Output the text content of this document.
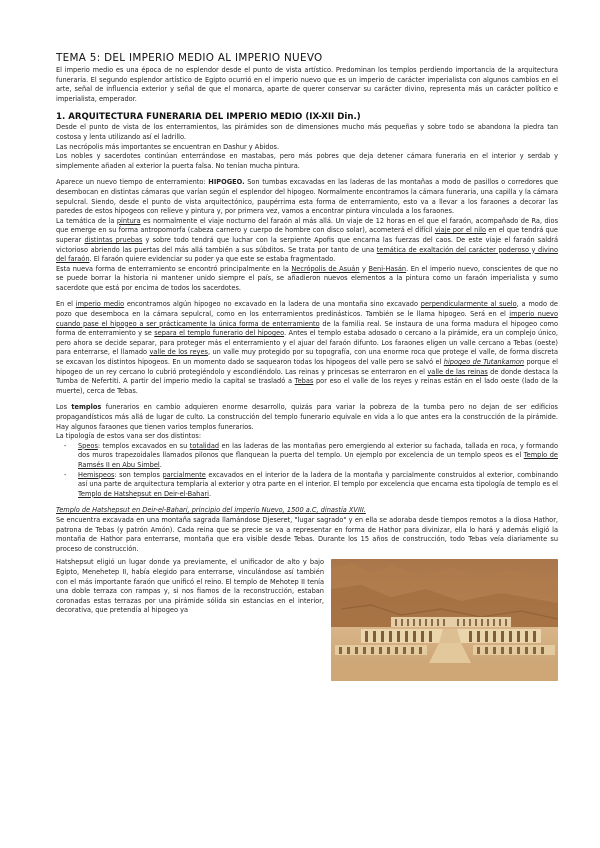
TEMA 5: DEL IMPERIO MEDIO AL IMPERIO NUEVO

El imperio medio es una época de no esplendor desde el punto de vista artístico. Predominan los templos perdiendo importancia de la arquitectura funeraria. El segundo esplendor artístico de Egipto ocurrió en el imperio nuevo que es un imperio de carácter imperialista con algunos cambios en el arte, señal de influencia exterior y señal de que el monarca, aparte de querer conservar su carácter divino, representa más un carácter político e imperialista, emperador.

1. ARQUITECTURA FUNERARIA DEL IMPERIO MEDIO (IX-XII Din.)

Desde el punto de vista de los enterramientos, las pirámides son de dimensiones mucho más pequeñas y sobre todo se abandona la piedra tan costosa y lenta utilizando así el ladrillo.

Las necrópolis más importantes se encuentran en Dashur y Abidos.

Los nobles y sacerdotes continúan enterrándose en mastabas, pero más pobres que deja detener cámara funeraria en el interior y serdab y simplemente añaden al exterior la puerta falsa. No tenían mucha pintura.

Aparece un nuevo tiempo de enterramiento: HIPOGEO. Son tumbas excavadas en las laderas de las montañas a modo de pasillos o corredores que desembocan en distintas cámaras que varían según el esplendor del hipogeo. Normalmente encontramos la cámara funeraria, una capilla y la cámara sepulcral. Siendo, desde el punto de vista arquitectónico, paupérrima esta forma de enterramiento, esto va a llevar a los faraones a decorar las paredes de estos hipogeos con relieve y pintura y, por primera vez, vamos a encontrar pintura vinculada a los faraones.

La temática de la pintura es normalmente el viaje nocturno del faraón al más allá. Un viaje de 12 horas en el que el faraón, acompañado de Ra, dios que emerge en su forma antropomorfa (cabeza carnero y cuerpo de hombre con disco solar), acometerá el difícil viaje por el nilo en el que tendrá que superar distintas pruebas y sobre todo tendrá que luchar con la serpiente Apofis que encarna las fuerzas del caos. De este viaje el faraón saldrá victorioso abriendo las puertas del más allá también a sus súbditos. Se trata por tanto de una temática de exaltación del carácter poderoso y divino del faraón. El faraón quiere evidenciar su poder ya que este se estaba fragmentado.

Esta nueva forma de enterramiento se encontró principalmente en la Necrópolis de Asuán y Beni-Hasán. En el imperio nuevo, conscientes de que no se puede borrar la historia ni mantener unido siempre el país, se añadieron nuevos elementos a la pintura como un faraón imperialista y sumo sacerdote que está por encima de todos los sacerdotes.

En el imperio medio encontramos algún hipogeo no excavado en la ladera de una montaña sino excavado perpendicularmente al suelo, a modo de pozo que desemboca en la cámara sepulcral, como en los enterramientos predinásticos. También se le llama hipogeo. Será en el imperio nuevo cuando pase el hipogeo a ser prácticamente la única forma de enterramiento de la familia real. Se instaura de una forma madura el hipogeo como forma de enterramiento y se separa el templo funerario del hipogeo. Antes el templo estaba adosado o cercano a la pirámide, era un complejo único, pero ahora se decide separar, para proteger más el enterramiento y el ajuar del faraón difunto. Los faraones eligen un valle cercano a Tebas (oeste) para enterrarse, el llamado valle de los reyes, un valle muy protegido por su topografía, con una enorme roca que protege el valle, de forma discreta se excavan los distintos hipogeos. En un momento dado se saquearon todas los hipogeos del valle pero se salvó el hipogeo de Tutankamon porque el hipogeo de un rey cercano lo cubrió protegiéndolo y escondiéndolo. Las reinas y princesas se enterraron en el valle de las reinas de donde destaca la Tumba de Nefertiti. A partir del imperio medio la capital se trasladó a Tebas por eso el valle de los reyes y reinas están en el lado oeste (lado de la muerte), cerca de Tebas.

Los templos funerarios en cambio adquieren enorme desarrollo, quizás para variar la pobreza de la tumba pero no dejan de ser edificios propagandísticos más allá de lugar de culto. La construcción del templo funerario equivale en vida a lo que antes era la construcción de la pirámide. Hay algunos faraones que tienen varios templos funerarios.

La tipología de estos vana ser dos distintos:

- Speos: templos excavados en su totalidad en las laderas de las montañas pero emergiendo al exterior su fachada, tallada en roca, y formando dos muros trapezoidales llamados pilonos que flanquean la puerta del templo. Un ejemplo por excelencia de un templo speos es el Templo de Ramsés II en Abu Simbel.
- Hemispeos: son templos parcialmente excavados en el interior de la ladera de la montaña y parcialmente construidos al exterior, combinando así una parte de arquitectura templaria al exterior y otra parte en el interior. El templo por excelencia que encarna esta tipología de templo es el Templo de Hatshepsut en Deir-el-Bahari.

Templo de Hatshepsut en Deir-el-Bahari, principio del imperio Nuevo, 1500 a.C, dinastía XVIII.

Se encuentra excavada en una montaña sagrada llamándose Djeseret, "lugar sagrado" y en ella se adoraba desde tiempos remotos a la diosa Hathor, patrona de Tebas (y patrón Amón). Cada reina que se precie se va a representar en forma de Hathor para divinizar, ella lo hará y además eligió la montaña de Hathor para enterrarse, montaña que era visible desde Tebas. Durante los 15 años de construcción, todo Tebas veía diariamente su proceso de construcción.

Hatshepsut eligió un lugar donde ya previamente, el unificador de alto y bajo Egipto, Menehetep II, había elegido para enterrarse, vinculándose así también con el más importante faraón que unificó el reino. El templo de Mehotep II tenía una doble terraza con rampas y, si nos fiamos de la reconstrucción, estaban coronadas estas terrazas por una pirámide sólida sin estancias en el interior, decorativa, que pretendía al hipogeo ya
